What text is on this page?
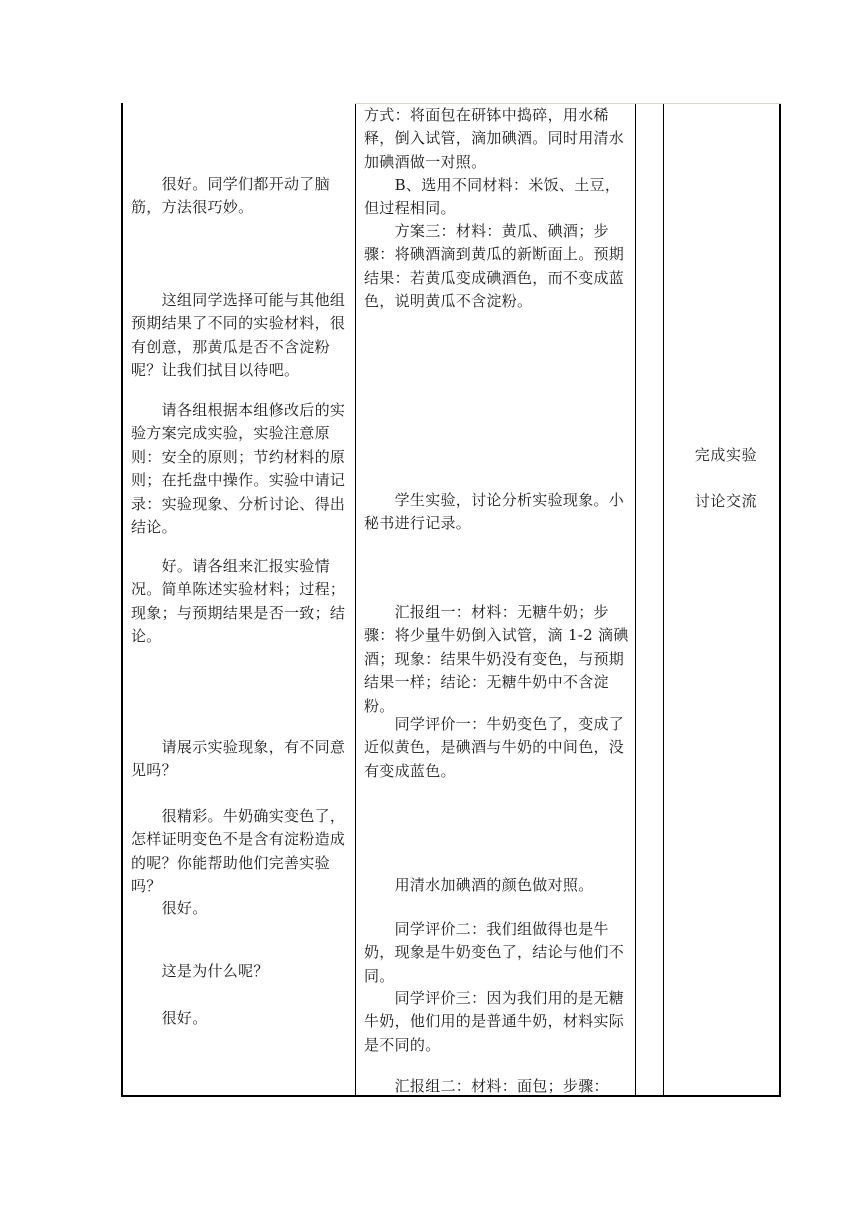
　　很好。同学们都开动了脑筋，方法很巧妙。
　　这组同学选择可能与其他组预期结果了不同的实验材料，很有创意，那黄瓜是否不含淀粉呢？让我们拭目以待吧。
　　请各组根据本组修改后的实验方案完成实验，实验注意原则：安全的原则；节约材料的原则；在托盘中操作。实验中请记录：实验现象、分析讨论、得出结论。
　　好。请各组来汇报实验情况。简单陈述实验材料；过程；现象；与预期结果是否一致；结论。
　　请展示实验现象，有不同意见吗？
　　很精彩。牛奶确实变色了，怎样证明变色不是含有淀粉造成的呢？你能帮助他们完善实验吗？
　　很好。
　　这是为什么呢？
　　很好。
方式：将面包在研钵中捣碎，用水稀释，倒入试管，滴加碘酒。同时用清水加碘酒做一对照。
　　B、选用不同材料：米饭、土豆，但过程相同。
　　方案三：材料：黄瓜、碘酒；步骤：将碘酒滴到黄瓜的新断面上。预期结果：若黄瓜变成碘酒色，而不变成蓝色，说明黄瓜不含淀粉。
　　学生实验，讨论分析实验现象。小秘书进行记录。
　　汇报组一：材料：无糖牛奶；步骤：将少量牛奶倒入试管，滴 1-2 滴碘酒；现象：结果牛奶没有变色，与预期结果一样；结论：无糖牛奶中不含淀粉。
　　同学评价一：牛奶变色了，变成了近似黄色，是碘酒与牛奶的中间色，没有变成蓝色。
　　用清水加碘酒的颜色做对照。
　　同学评价二：我们组做得也是牛奶，现象是牛奶变色了，结论与他们不同。
　　同学评价三：因为我们用的是无糖牛奶，他们用的是普通牛奶，材料实际是不同的。
　　汇报组二：材料：面包；步骤：
完成实验
讨论交流
